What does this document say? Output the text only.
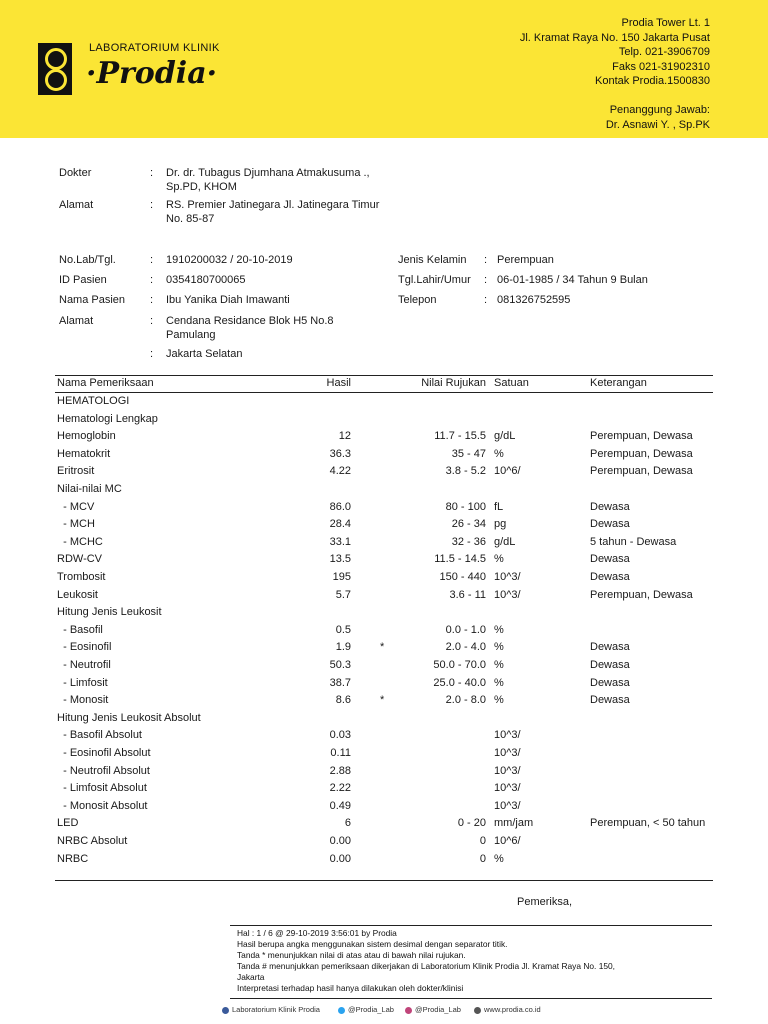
LABORATORIUM KLINIK
·Prodia·
Prodia Tower Lt. 1
Jl. Kramat Raya No. 150 Jakarta Pusat
Telp. 021-3906709
Faks 021-31902310
Kontak Prodia.1500830
Penanggung Jawab:
Dr. Asnawi Y. , Sp.PK
Dokter	: Dr. dr. Tubagus Djumhana Atmakusuma .,
Sp.PD, KHOM
Alamat	: RS. Premier Jatinegara Jl. Jatinegara Timur
No. 85-87
No.Lab/Tgl.	: 1910200032 / 20-10-2019
ID Pasien	: 0354180700065
Nama Pasien : Ibu Yanika Diah Imawanti
Alamat	: Cendana Residance Blok H5 No.8
Pamulang
: Jakarta Selatan
Jenis Kelamin : Perempuan
Tgl.Lahir/Umur : 06-01-1985 / 34 Tahun 9 Bulan
Telepon	: 081326752595
Nama Pemeriksaan	Hasil	Nilai Rujukan Satuan	Keterangan
HEMATOLOGI
Hematologi Lengkap
Hemoglobin	12	11.7 - 15.5 g/dL	Perempuan, Dewasa
Hematokrit	36.3	35 - 47 %	Perempuan, Dewasa
Eritrosit	4.22	3.8 - 5.2 10^6/	Perempuan, Dewasa
Nilai-nilai MC
- MCV	86.0	80 - 100 fL	Dewasa
- MCH	28.4	26 - 34 pg	Dewasa
- MCHC	33.1	32 - 36 g/dL	5 tahun - Dewasa
RDW-CV	13.5	11.5 - 14.5 %	Dewasa
Trombosit	195	150 - 440 10^3/	Dewasa
Leukosit	5.7	3.6 - 11 10^3/	Perempuan, Dewasa
Hitung Jenis Leukosit
- Basofil	0.5	0.0 - 1.0 %
- Eosinofil	1.9	*	2.0 - 4.0 %	Dewasa
- Neutrofil	50.3	50.0 - 70.0 %	Dewasa
- Limfosit	38.7	25.0 - 40.0 %	Dewasa
- Monosit	8.6	*	2.0 - 8.0 %	Dewasa
Hitung Jenis Leukosit Absolut
- Basofil Absolut	0.03	10^3/
- Eosinofil Absolut	0.11	10^3/
- Neutrofil Absolut	2.88	10^3/
- Limfosit Absolut	2.22	10^3/
- Monosit Absolut	0.49	10^3/
LED	6	0 - 20 mm/jam	Perempuan, < 50 tahun
NRBC Absolut	0.00	0 10^6/
NRBC	0.00	0 %
Pemeriksa,
Hal : 1 / 6 @ 29-10-2019 3:56:01 by Prodia
Hasil berupa angka menggunakan sistem desimal dengan separator titik.
Tanda * menunjukkan nilai di atas atau di bawah nilai rujukan.
Tanda # menunjukkan pemeriksaan dikerjakan di Laboratorium Klinik Prodia Jl. Kramat Raya No. 150,
Jakarta
Interpretasi terhadap hasil hanya dilakukan oleh dokter/klinisi
Laboratorium Klinik Prodia	@Prodia_Lab	@Prodia_Lab	www.prodia.co.id
